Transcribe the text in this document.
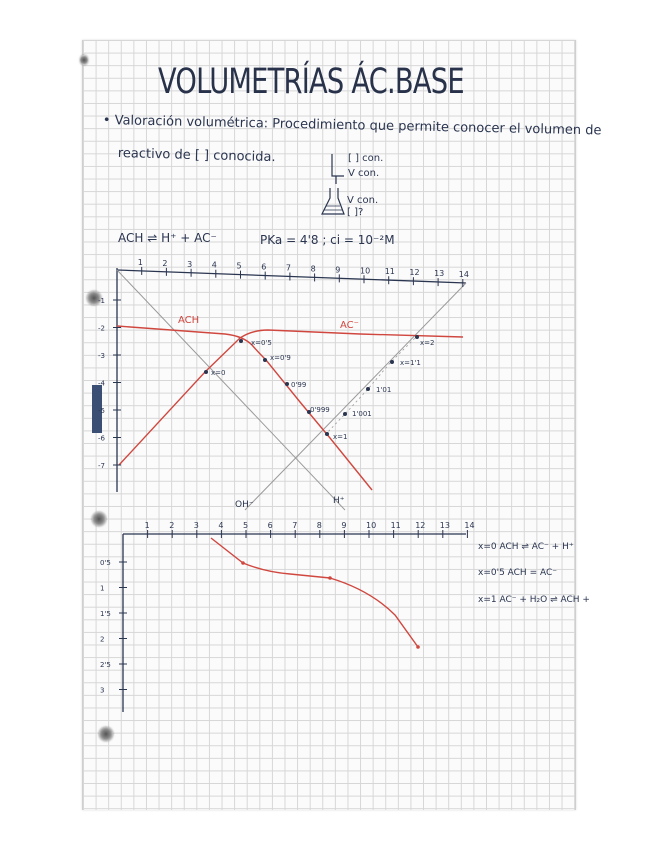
VOLUMETRÍAS ÁC.BASE
• Valoración volumétrica: Procedimiento que permite conocer el volumen de
reactivo de [ ] conocida.	[ ] con.
V con.
V con.
[ ]?
ACH ⇌ H⁺ + AC⁻	PKa = 4'8 ; ci = 10⁻²M
1 2 3 4 5 6 7 8 9 10 11 12 13 14
-1
-2
-3
-4
-5
-6
-7
ACH	AC⁻
OH⁻	H⁺
x=0
x=0'5
x=0'9
0'99
0'999
x=1
1'001
1'01
x=1'1
x=2
1 2 3 4 5 6 7 8 9 10 11 12 13 14
0'5
1
1'5
2
2'5
3
x=0 ACH ⇌ AC⁻ + H⁺
x=0'5 ACH = AC⁻
x=1 AC⁻ + H₂O ⇌ ACH +
